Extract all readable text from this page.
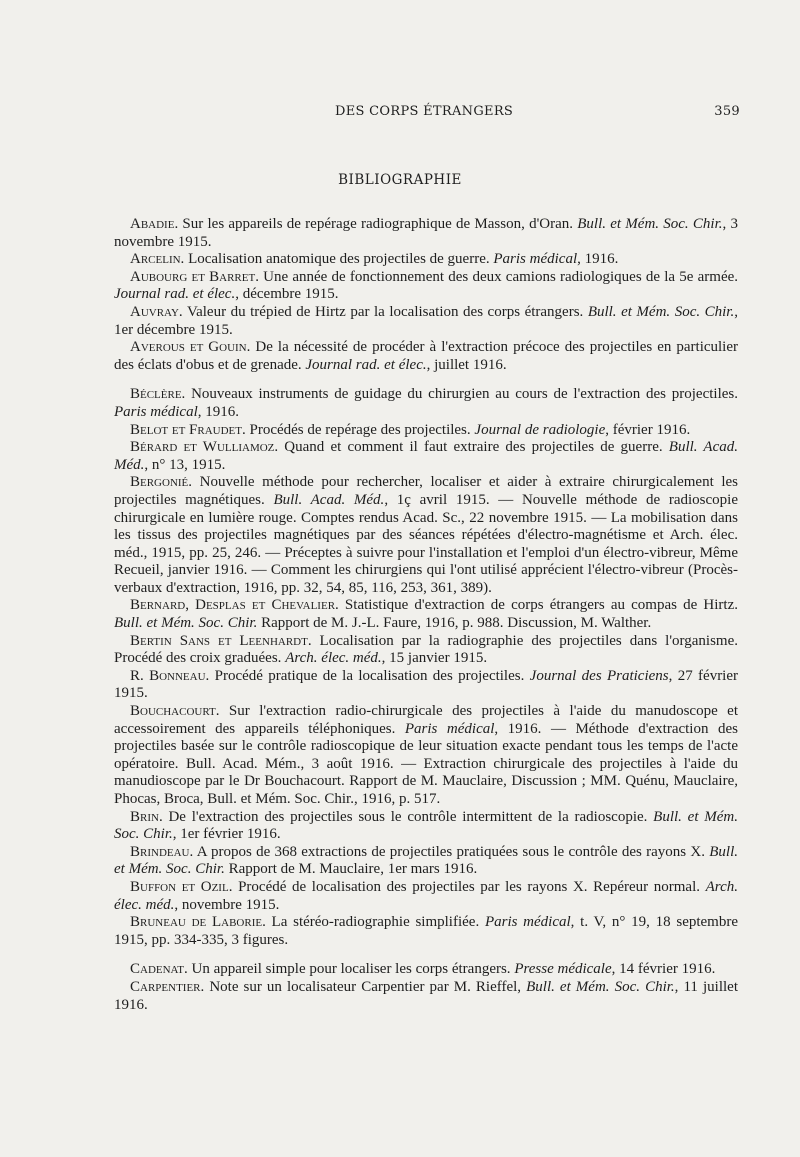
DES CORPS ÉTRANGERS	359
BIBLIOGRAPHIE

Abadie. Sur les appareils de repérage radiographique de Masson, d'Oran. Bull. et Mém. Soc. Chir., 3 novembre 1915.

Arcelin. Localisation anatomique des projectiles de guerre. Paris médical, 1916.

Aubourg et Barret. Une année de fonctionnement des deux camions radiologiques de la 5e armée. Journal rad. et élec., décembre 1915.

Auvray. Valeur du trépied de Hirtz par la localisation des corps étrangers. Bull. et Mém. Soc. Chir., 1er décembre 1915.

Averous et Gouin. De la nécessité de procéder à l'extraction précoce des projectiles en particulier des éclats d'obus et de grenade. Journal rad. et élec., juillet 1916.

Béclère. Nouveaux instruments de guidage du chirurgien au cours de l'extraction des projectiles. Paris médical, 1916.

Belot et Fraudet. Procédés de repérage des projectiles. Journal de radiologie, février 1916.

Bérard et Wulliamoz. Quand et comment il faut extraire des projectiles de guerre. Bull. Acad. Méd., n° 13, 1915.

Bergonié. Nouvelle méthode pour rechercher, localiser et aider à extraire chirurgicalement les projectiles magnétiques. Bull. Acad. Méd., 1ç avril 1915. — Nouvelle méthode de radioscopie chirurgicale en lumière rouge. Comptes rendus Acad. Sc., 22 novembre 1915. — La mobilisation dans les tissus des projectiles magnétiques par des séances répétées d'électro-magnétisme et Arch. élec. méd., 1915, pp. 25, 246. — Préceptes à suivre pour l'installation et l'emploi d'un électro-vibreur, Même Recueil, janvier 1916. — Comment les chirurgiens qui l'ont utilisé apprécient l'électro-vibreur (Procès-verbaux d'extraction, 1916, pp. 32, 54, 85, 116, 253, 361, 389).

Bernard, Desplas et Chevalier. Statistique d'extraction de corps étrangers au compas de Hirtz. Bull. et Mém. Soc. Chir. Rapport de M. J.-L. Faure, 1916, p. 988. Discussion, M. Walther.

Bertin Sans et Leenhardt. Localisation par la radiographie des projectiles dans l'organisme. Procédé des croix graduées. Arch. élec. méd., 15 janvier 1915.

R. Bonneau. Procédé pratique de la localisation des projectiles. Journal des Praticiens, 27 février 1915.

Bouchacourt. Sur l'extraction radio-chirurgicale des projectiles à l'aide du manudoscope et accessoirement des appareils téléphoniques. Paris médical, 1916. — Méthode d'extraction des projectiles basée sur le contrôle radioscopique de leur situation exacte pendant tous les temps de l'acte opératoire. Bull. Acad. Mém., 3 août 1916. — Extraction chirurgicale des projectiles à l'aide du manudioscope par le Dr Bouchacourt. Rapport de M. Mauclaire, Discussion ; MM. Quénu, Mauclaire, Phocas, Broca, Bull. et Mém. Soc. Chir., 1916, p. 517.

Brin. De l'extraction des projectiles sous le contrôle intermittent de la radioscopie. Bull. et Mém. Soc. Chir., 1er février 1916.

Brindeau. A propos de 368 extractions de projectiles pratiquées sous le contrôle des rayons X. Bull. et Mém. Soc. Chir. Rapport de M. Mauclaire, 1er mars 1916.

Buffon et Ozil. Procédé de localisation des projectiles par les rayons X. Repéreur normal. Arch. élec. méd., novembre 1915.

Bruneau de Laborie. La stéréo-radiographie simplifiée. Paris médical, t. V, n° 19, 18 septembre 1915, pp. 334-335, 3 figures.

Cadenat. Un appareil simple pour localiser les corps étrangers. Presse médicale, 14 février 1916.

Carpentier. Note sur un localisateur Carpentier par M. Rieffel, Bull. et Mém. Soc. Chir., 11 juillet 1916.
